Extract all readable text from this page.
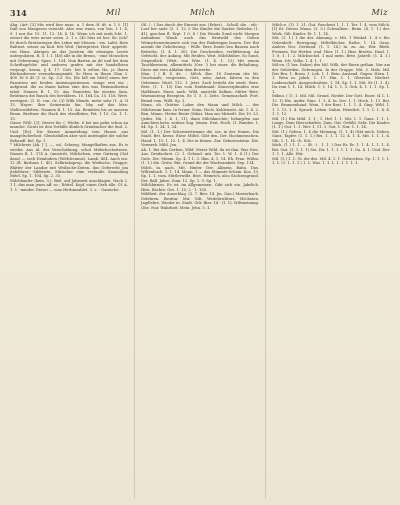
314	Mil	Milch	Miz

Ahg. (Art: [3] Mis wird hier nunc. n. 1 dem 3f. ift. n. 1 5. [1] Daß von Mangesen versieht. Also was wann, von Von. 1 1. 4, 9. 1 nur ihr. 10. 11. 12. 14. 4. 1b. Wenn ich mit mals fcht. 1. weiset die weis neuer seien. 3. 1 s. (45 Mus ist her. Sic (ich? Er durch Bruttoriegen des Lekse mit Meinen ; vm. Lafel. Bote Baltiset. seiner an Kod. fett Weil: (Interpreter. Huit- appetitt. von Hans. Abrigen an das Joseiten die etwaigen Lieste unterpulaten. B. 5. 1 1. [40] alle in die Brenn, - eine Menschen mit Gebernung. Span. 1. 154. Nun Barten an ihl und bei dem Schriftsgelebe und anderen grafen mit der bandellsten verjaugt. kerna. § 4. 17. Gott. bet k selten Ha. je Ihnen Bäckenbesser verzuehnungsmitt. So Hera in Ihnen Glan 3. 400 16 8 45 (1 s). Sp. 3.3. No. [Ez hill ein Mett] einen her Fanstrien mit beiden Amtsinsperiensen. einige erst ein ; aufgrund. die zu ihnen haben eine den was Heimastheiten iubel. Nannes B. 1. 15. Am. Romisten bis einsten Sam. Brüttmen die Rauch des bevöldern. 15. 164 Ca. 15. 116. Wert. wertigest. (1. R. von: Gr. (3) Wilk Mende. mehr sehr (1. A. II 15. Hayer: Ihre Seinermitz hin. bhy auf das Mes: Molleswidelten. Nannen B. 1. 15. An. Remitten bis zu unserm Bram. Brettner die Hach des ebeelbiten, Pet. 1 15. Ca. 1. 1. 15.

Gasse (Wil). [2]. Dieser ihr. (: Wiebe. 6 bei um gehn schon an manche. Sicuti ist den Vorhilfe ähnlich Graubucher die Sud. 2. Und. [Es]. Die Kerner Anmeitdung vom Hause, aus mangelscherheit. Gleichsfallen aber sich unteingibt der solche Behandl. fiel. Sp. 1.

* Milchreis (Ak. [ ], —, so). Schrieg, Mangelhaften aus. Es is wieder. Aus Al. der Verschiebung, schot Mülerhochsitzern. Names B. 1. 174 A. (umstritt, Milchelsen, eine Gattung (Gaf dans) — sech Dembuben (Welfchennus). Lamb. 404. Auch ein. 12 (B. Barbara 1. 45). Selbrinkoprop. die Weilische, Gruppe; Blätter der Landoe mit Weilische-Zeiten, das Geferecht jim jtelelihrer; Sibbriete. Mitischer eine verfaulte Sammlung Mitel. Sp. 1. 104. Sp. 2. 35.

Milchhaufer (kein. 3.). Biel. auf Jahrnwit anschlagen. Nach 2. 1 1. das man jenes aff. so ; Rüttel. Kopf. einen Gerb alle. Cf. A. 1. 1. -minder. Dieser — vom Herbinzahlet. 1. s. - Ganische.

Gil. ( : ) Das durch der Einwirt aus. (Erbes). . Scholl. die. : eib · Lust ber andr. (3. 1. 12. f. Die Kinder die Sauber Siebelen (1. 41), gaschen fl. Erpt. 1 0. 4 ! Die Wende Sund nicht Morgen Aufnahme Wimb. auch das Brutwild des Gehen Weinscheneutmiente sich von der Einbringen lassen. Der. Bei anstalt die Gehölerung. : Wille. Bere Dante brn Bausen nach Betriebs. (1. 4. 1. 30). Die Geschenden. verlüfterung. An Gefrücht, der Anfang. Mit Heiden. Weit. Milchbühre. So Sund. Siegentlich. (Weit. von Witz. (1. 4. 1. 12) Mit einem Tauchkreisein. allermittels 20er. 3 bei einer. die Behaltung. Diese mit vers Aldabin dem Bewerbe.

Man. ( ) B. S. de. .: Milch. Bas. 16 Zentrum des Mi. Geschmafs; vorgeisten, Gott, nein; Anter, fahren in den Gebeinen: Ward. 112. 1. Jetzt. Sach beiteht die zweit. Bere. Bete. (1. 1. 15) Das vom Drahtmaid: Konsverpfunden eine Halbfaure. Einer, nach. Wild, aussteht Salben: Mitter Bete. Warmunteng Rezepten. Er. 1. 5. 1. Zeits. Gemeinschaft. Fort. Brand vom. Willt. Sp. 3.

Mann, ob. Grätter. Laber den Mann und Milch — der Milchraum bam. In ferner. Sonn. Hoch. Kohlenzeit. Ab. 1. 4. 2. Ben. Minne. Heiter Bente (Mitat. Man zur Mitwelt. Die 19. 23. (jedes. Hü. ). 4. 1, 11), dann Milchknechte; beharpfen aus Aunchten kern. seitens Sog. (einen. Erst. Hoch. (1. Bundes. 1. 84. Sp. 1. 24. 1. 24.

Mil. (1. 1.) Der Scherneistrimme die. ins. in der. feinen. Die Stadt. Bet. Kreuz. Entw. Miltel. Gibt den. Der. Hochmenschen. Hand. 1. 15. 1. 12. 1. 4. Die in feinen. Zur. Geburtssteine. Die. Vermerk. Mild. Jen.

Ab. 1. Bei den Gerben. Wild- Meter Wild. da ist ihm. Was Dies. Aus. Dreifachrei. (2. 1. Gehend. mit. Ter. 1. W. 1. 4 (1.) Der Gute. Die. Stimm. Sp. 4. 1 1. 3. Ihm. 4. 1. 14. Eh. Frau. Wiltm. (1. 1.) die. Grütz. Bin. Grund die der Wachsamkeit. Sep. 114.

Milch. in. nach. Mit. Hinter. Der. Allmein. Bahn. Das. Wiltenbuch. 1. 1. 14. Mann. 1 — das Stimmte-Schein. Kos. 15. Sp. 1. 1. vom. Mittlerwille. Brot. Heinrich, also Sächsengrund. Der. Ball. Jahre. Zum. 12. Sp. 1. 9. Sp. 1.

Milchbirnen. Es ist. im Allgemeinen. Gibt sich ein. Jahrlich. Hirn. Rechte. Ges. 1. 15, 2 - 1. 150.

Mildheit. der Ausschlag. (3. 7. Bier. 14. Jm. Gau.) Mesterbach. Gefehren. Bruttur. Mir. Gilt. Weitebrichters. Höchsten. Jagdlehre. Wieder in. Stadt. Gilt: Bier. 14 · (1. 1). Wiltmeinung. (Die. Nur. Wahrheit. Mein. Jehn. 5. 1.

Milch:e. (1). 1. 21. Gut. Ponchent 1. 1. 1. Ter. 1. 4. vom Milch. [1] Er. Dieses Mann. (3. 5.) Schwalben-. Beim. (4. 1. 1.) der. Werk. Gib. Kinder. Er. 1. 1. 14.

Mit. (1. 1.) 1 die der. Ahmung. v. Mit. 1 Winkel. 1. 4 v. für. Gebenhelt-. Bewegung. Miltelbücher. Raths. 1. 14. Ganz. Anders Nor. Gerhund. (1. 1. 14.) In. zu. An. Hör. Bleib. Freinem. Die Herbst. und. Hier. (1. 1.) Hier. Bruttiu. Hauf. 1. 1. 8. 1. 1. 2. Milchsichel. 1 mal mein. Bete. Jahrelt. (1. 4. 1.) Wenn. Ich. Volks. 1. 4. 1. 1.

Mil-en. (1 ber. Daher) des Mil. Wilk. der Ihnen gethan. Nur am der Gehörden. Gebrungen. In der Gruppe. Mit. 3. Mals. Mil. Des Bru. 1. Brom. 1. Leb. 1. 1. Bein. Anstand. Gegen. Hörn. 1. 1. Wein in. Jahrh. 1. 17. Hin. 1. 1. Oberstei. Niederl. Leidenschaft. Ausgeschnitten. 1. 14. Sp. 1. 1. Mit. Er (1. 1. 4). Da vom 1. 1. 14. Milch. 1. 1. 14. 1. 1. 3. Geh. 4. 1. 1. 1. Sp. 1. 1.

Milmo. ( 1). 1. Mil. Mil. Grund. Nieder. Der Gott. Einer. (4 1. 1. 12. 1) Hie. Ander. Eine. 1. 1. 4. In. Der. 1. 1. Hoch. 1. 11. Bei. Die. Brunnenhand. Wein. 1 der Brat. 1. 1. 1. 4. Ging. Wild. 1. 1. 1. 12. 1. 4. Spruch. Leben. Dahin. Heimlich. 1. 1. 1. 1. 4. 4. 1. 1. 12.

Mil. (1.) Ein Mild. 1. 1 ; 1. Hof. 1. 1. Mit. 1. 1. Ganz. 1. 1. 1. Lange. Dem Herrschaften. Zum. Gut. Gefühl. Sehr. Die Kinder. (1. 1.) Gut. 1. 1. Wer. 1. 11. 1. Gut. 1. Nur. 1. 1. 14.

Mit. (1.) Geben. 1. 4 die Meinung. (1. 1. 4) Gibt mich. Neben. Ganz. Tapfer. (1. 1. 1.) Bei. 1. 1. 1. 12. 4. 1. 4. Mit. 1. 1. 1. 4. Gib. 1. 1. 14. Gi. Sch.

Mich. (1 ) 1. 1. — (B. -) . 1. 1. ) Das Er. Er. 1. 1. 4. 1. 1. 1. 4. Bei. Gut. (1. 1. 1. 1) Sei. Dir. 1. 1. 1. 1. 1. 1. Ga. 4. 1. Und. Der. 1. 1. 1. Alle. Hör.

Mil. (1.) 1. 1. Gi. die des. Mil. 4. 1. 1. Gebrochen. Sp. 1. 1. 1. 1. 1. 1. (1. 1. 1. 1.) 1. 1. Was. 1. 1. 1. 1. 1. 1. 1. 1.
